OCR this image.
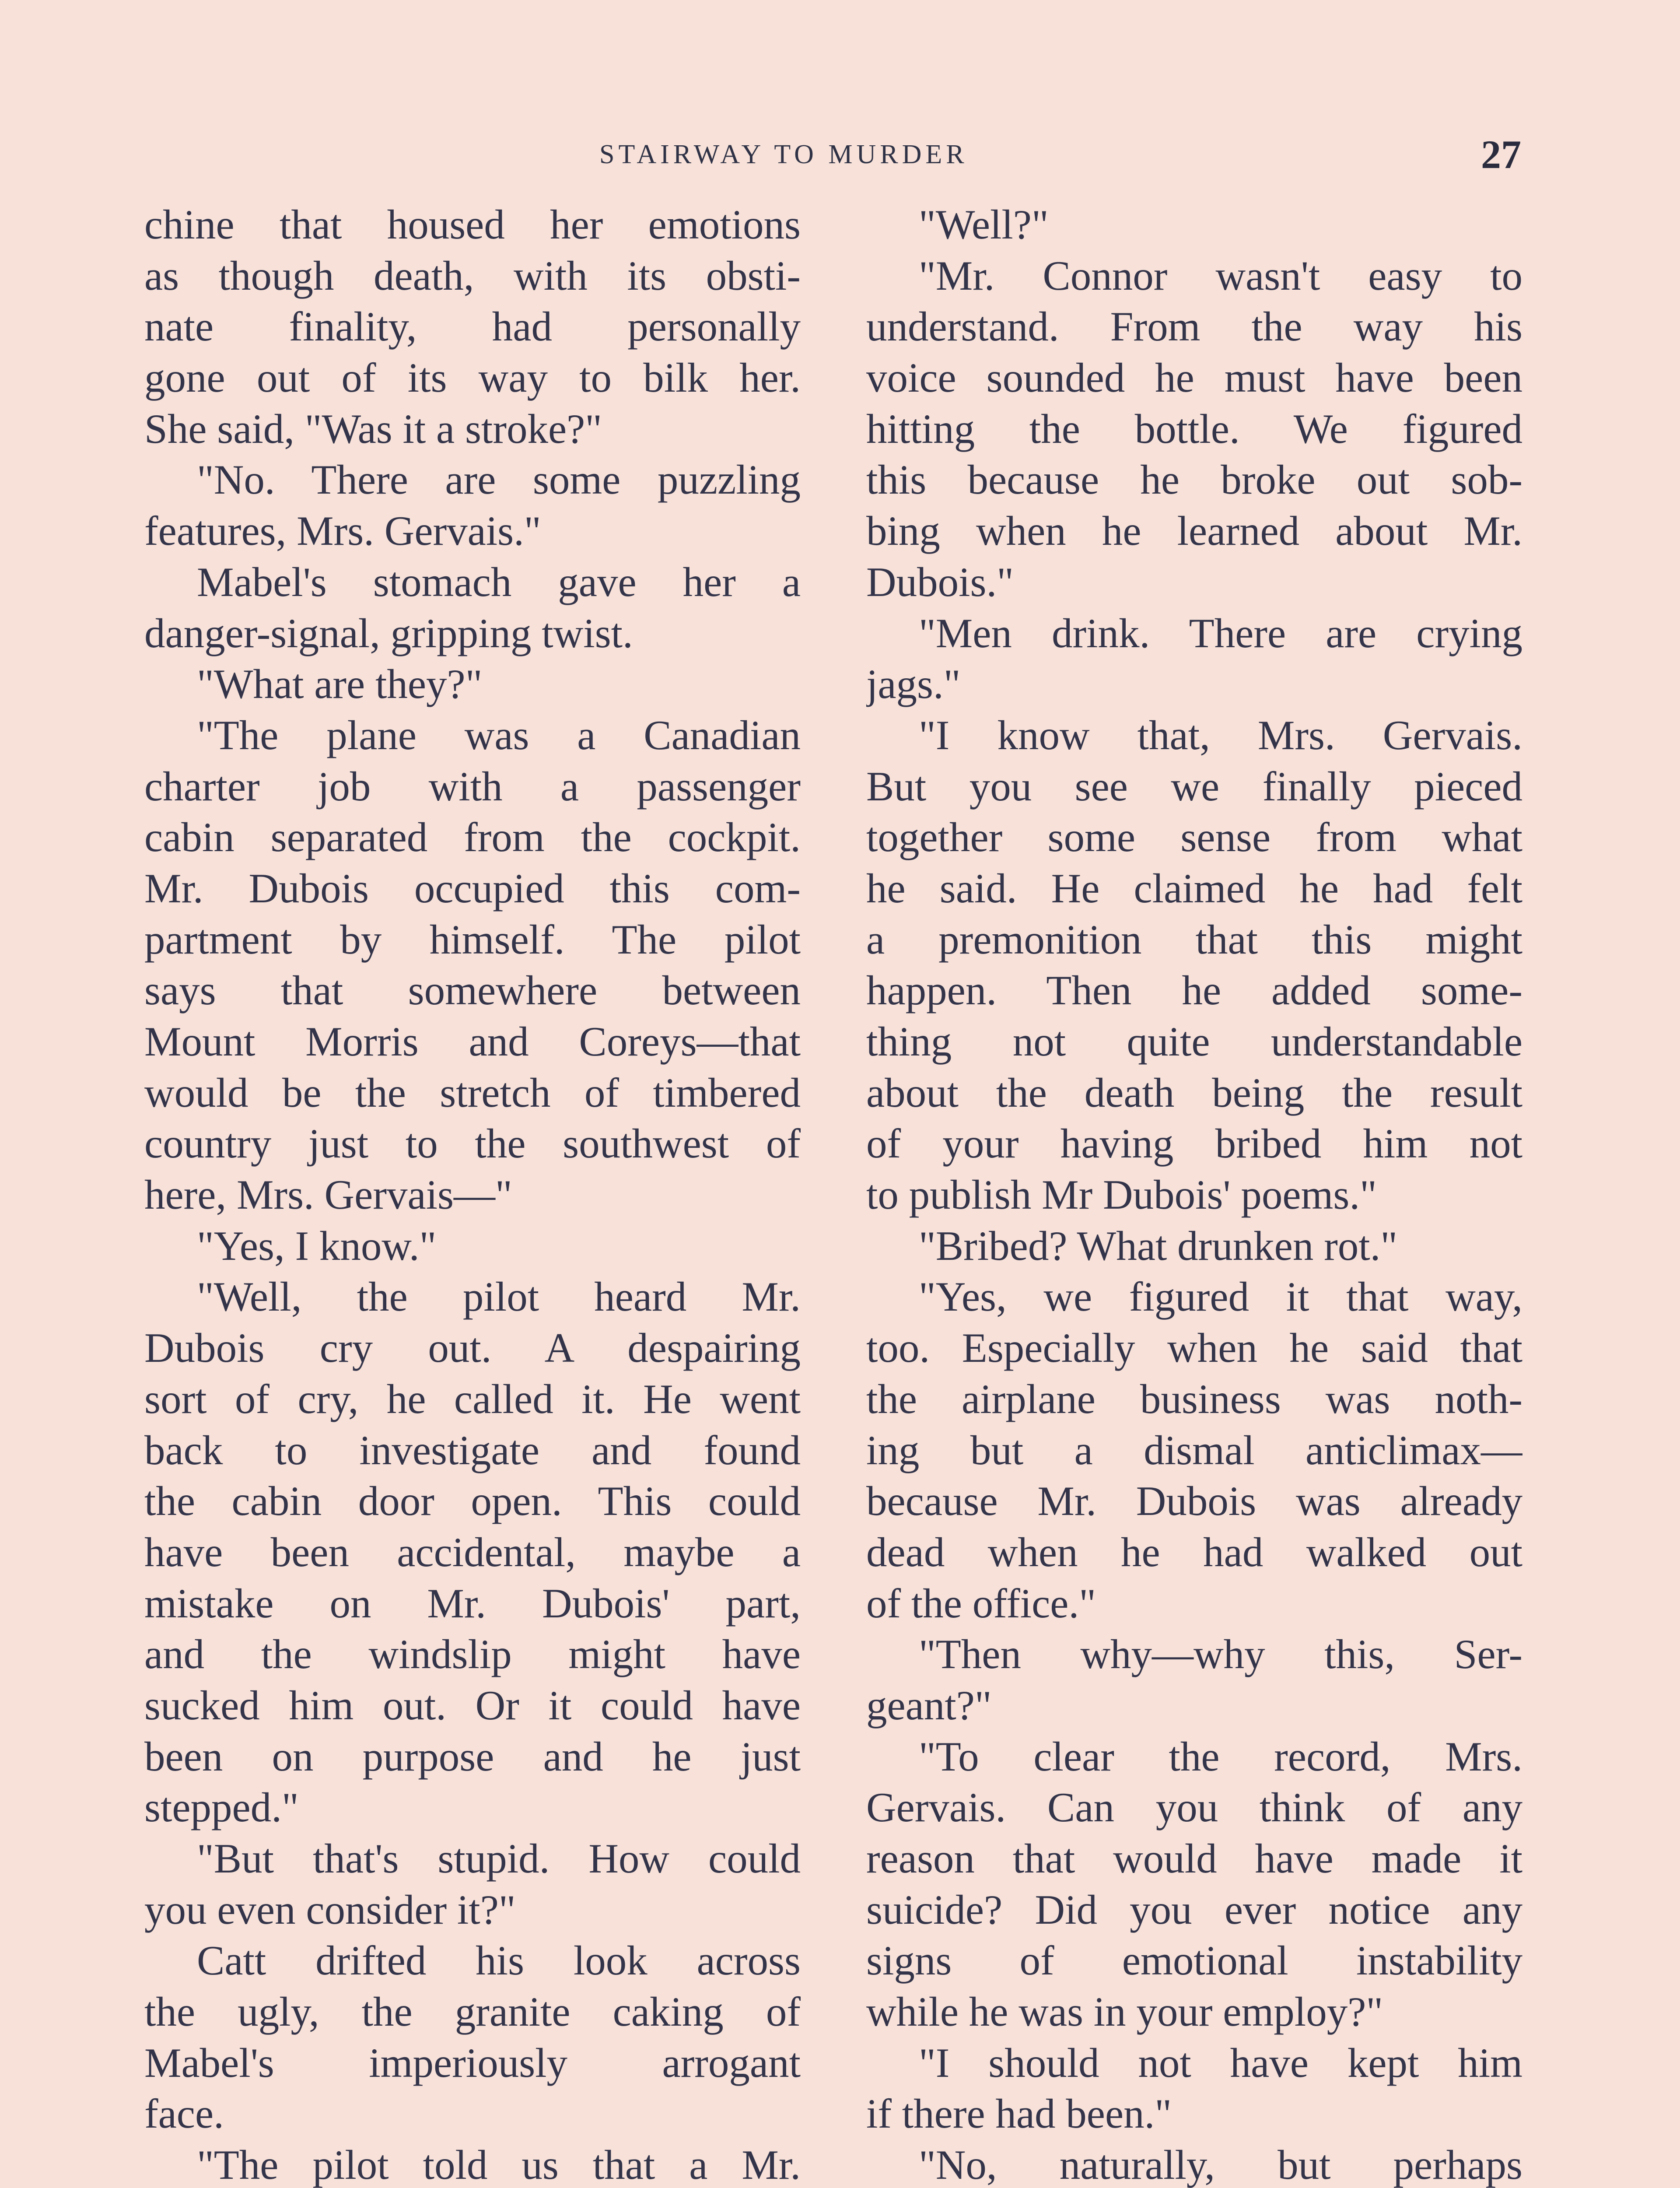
STAIRWAY TO MURDER	27
chine that housed her emotions
as though death, with its obsti-
nate finality, had personally
gone out of its way to bilk her.
She said, "Was it a stroke?"
"No. There are some puzzling
features, Mrs. Gervais."
Mabel's stomach gave her a
danger-signal, gripping twist.
"What are they?"
"The plane was a Canadian
charter job with a passenger
cabin separated from the cockpit.
Mr. Dubois occupied this com-
partment by himself. The pilot
says that somewhere between
Mount Morris and Coreys—that
would be the stretch of timbered
country just to the southwest of
here, Mrs. Gervais—"
"Yes, I know."
"Well, the pilot heard Mr.
Dubois cry out. A despairing
sort of cry, he called it. He went
back to investigate and found
the cabin door open. This could
have been accidental, maybe a
mistake on Mr. Dubois' part,
and the windslip might have
sucked him out. Or it could have
been on purpose and he just
stepped."
"But that's stupid. How could
you even consider it?"
Catt drifted his look across
the ugly, the granite caking of
Mabel's imperiously arrogant
face.
"The pilot told us that a Mr.
"Well?"
"Mr. Connor wasn't easy to
understand. From the way his
voice sounded he must have been
hitting the bottle. We figured
this because he broke out sob-
bing when he learned about Mr.
Dubois."
"Men drink. There are crying
jags."
"I know that, Mrs. Gervais.
But you see we finally pieced
together some sense from what
he said. He claimed he had felt
a premonition that this might
happen. Then he added some-
thing not quite understandable
about the death being the result
of your having bribed him not
to publish Mr Dubois' poems."
"Bribed? What drunken rot."
"Yes, we figured it that way,
too. Especially when he said that
the airplane business was noth-
ing but a dismal anticlimax—
because Mr. Dubois was already
dead when he had walked out
of the office."
"Then why—why this, Ser-
geant?"
"To clear the record, Mrs.
Gervais. Can you think of any
reason that would have made it
suicide? Did you ever notice any
signs of emotional instability
while he was in your employ?"
"I should not have kept him
if there had been."
"No, naturally, but perhaps
